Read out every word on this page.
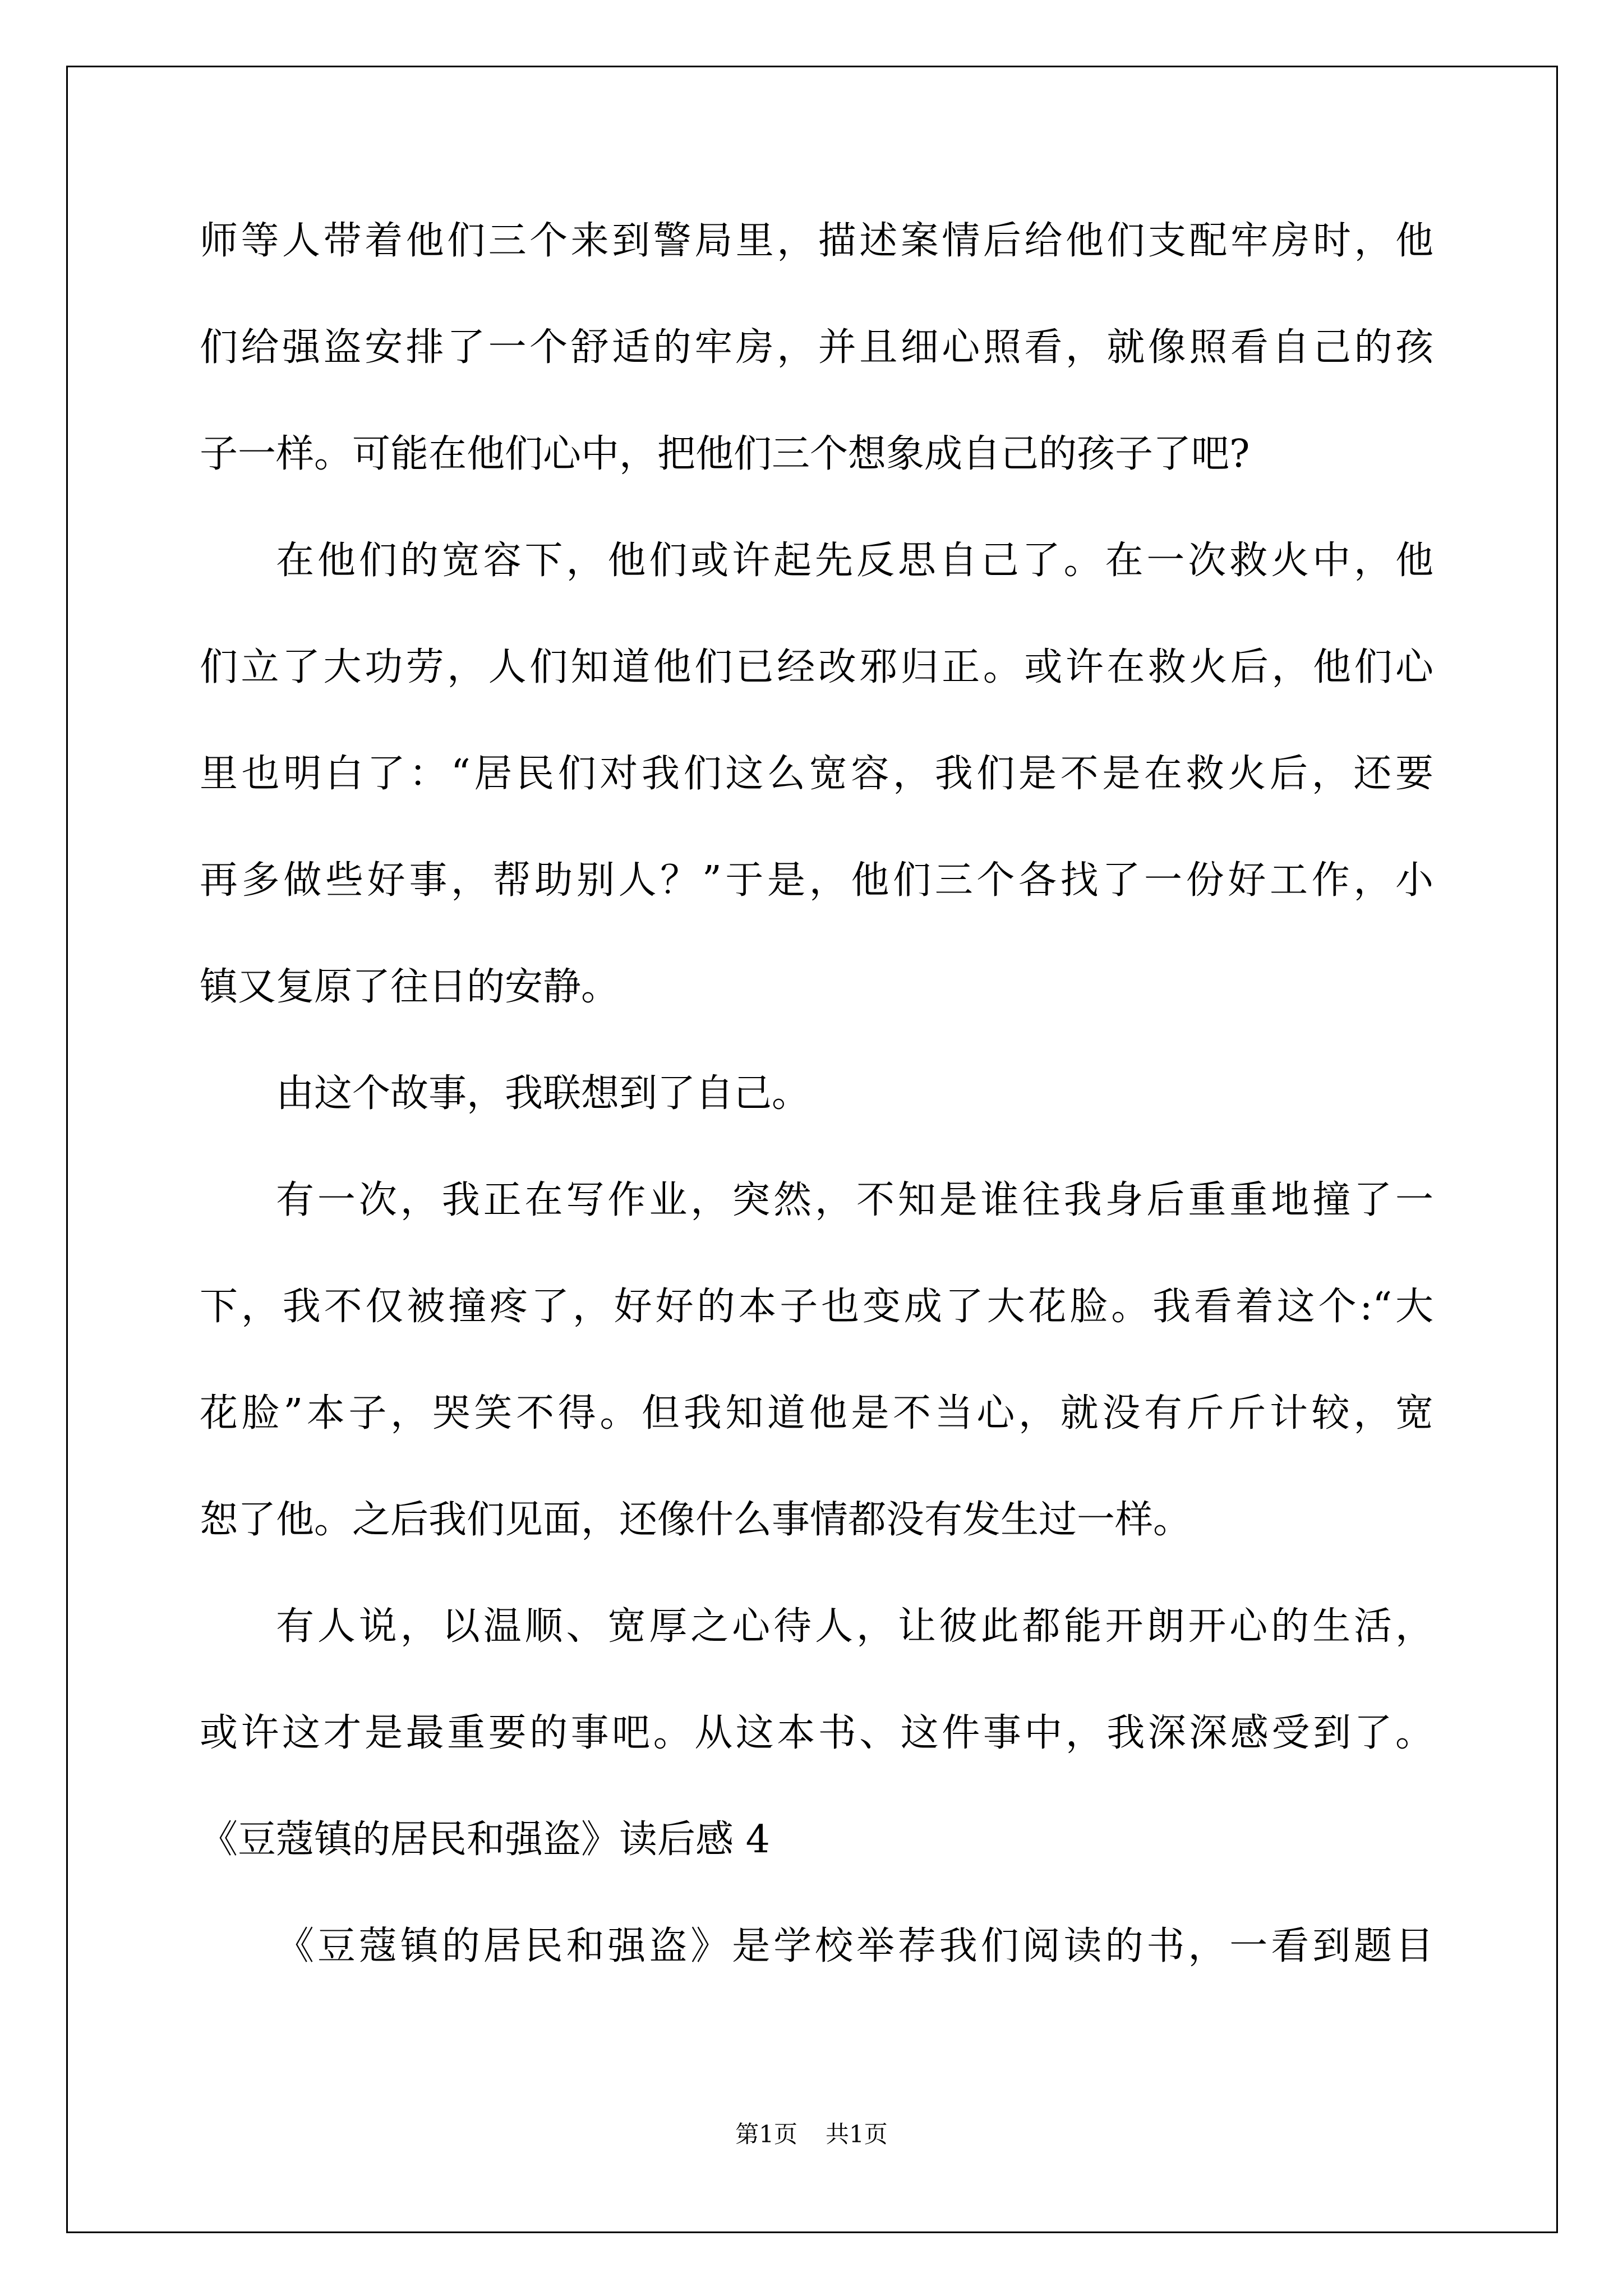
师等人带着他们三个来到警局里，描述案情后给他们支配牢房时，他
们给强盗安排了一个舒适的牢房，并且细心照看，就像照看自己的孩
子一样。可能在他们心中，把他们三个想象成自己的孩子了吧?
在他们的宽容下，他们或许起先反思自己了。在一次救火中，他
们立了大功劳，人们知道他们已经改邪归正。或许在救火后，他们心
里也明白了：“居民们对我们这么宽容，我们是不是在救火后，还要
再多做些好事，帮助别人？”于是，他们三个各找了一份好工作，小
镇又复原了往日的安静。
由这个故事，我联想到了自己。
有一次，我正在写作业，突然，不知是谁往我身后重重地撞了一
下，我不仅被撞疼了，好好的本子也变成了大花脸。我看着这个:“大
花脸”本子，哭笑不得。但我知道他是不当心，就没有斤斤计较，宽
恕了他。之后我们见面，还像什么事情都没有发生过一样。
有人说，以温顺、宽厚之心待人，让彼此都能开朗开心的生活，
或许这才是最重要的事吧。从这本书、这件事中，我深深感受到了。
《豆蔻镇的居民和强盗》读后感 4
《豆蔻镇的居民和强盗》是学校举荐我们阅读的书，一看到题目
第1页 共1页
